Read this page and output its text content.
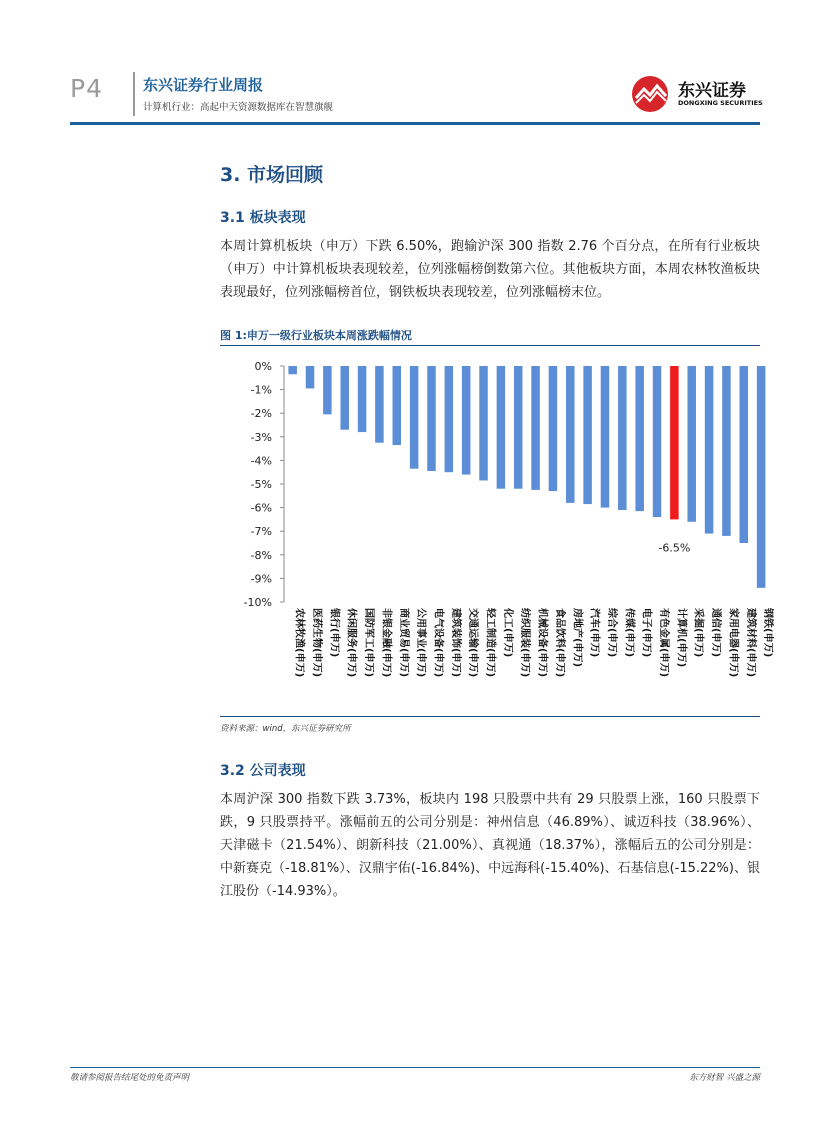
P4	东兴证券行业周报
计算机行业：高起中天资源数据库在智慧旗舰
东兴证券
DONGXING SECURITIES
3. 市场回顾
3.1 板块表现
本周计算机板块（申万）下跌 6.50%，跑输沪深 300 指数 2.76 个百分点，在所有行业板块（申万）中计算机板块表现较差，位列涨幅榜倒数第六位。其他板块方面，本周农林牧渔板块表现最好，位列涨幅榜首位，钢铁板块表现较差，位列涨幅榜末位。
图 1:申万一级行业板块本周涨跌幅情况
0%
-1%
-2%
-3%
-4%
-5%
-6%
-7%
-8%
-9%
-10%
农林牧渔(申万) 医药生物(申万) 银行(申万) 休闲服务(申万) 国防军工(申万) 非银金融(申万) 商业贸易(申万) 公用事业(申万) 电气设备(申万) 建筑装饰(申万) 交通运输(申万) 轻工制造(申万) 化工(申万) 纺织服装(申万) 机械设备(申万) 食品饮料(申万) 房地产(申万) 汽车(申万) 综合(申万) 传媒(申万) 电子(申万) 有色金属(申万) 计算机(申万) 采掘(申万) 通信(申万) 家用电器(申万) 建筑材料(申万) 钢铁(申万)
-6.5%
资料来源：wind，东兴证券研究所
3.2 公司表现
本周沪深 300 指数下跌 3.73%，板块内 198 只股票中共有 29 只股票上涨，160 只股票下跌，9 只股票持平。涨幅前五的公司分别是：神州信息（46.89%）、诚迈科技（38.96%）、天津磁卡（21.54%）、朗新科技（21.00%）、真视通（18.37%），涨幅后五的公司分别是：中新赛克（-18.81%）、汉鼎宇佑(-16.84%)、中远海科(-15.40%)、石基信息(-15.22%)、银江股份（-14.93%）。
敬请参阅报告结尾处的免责声明	东方财智 兴盛之源
